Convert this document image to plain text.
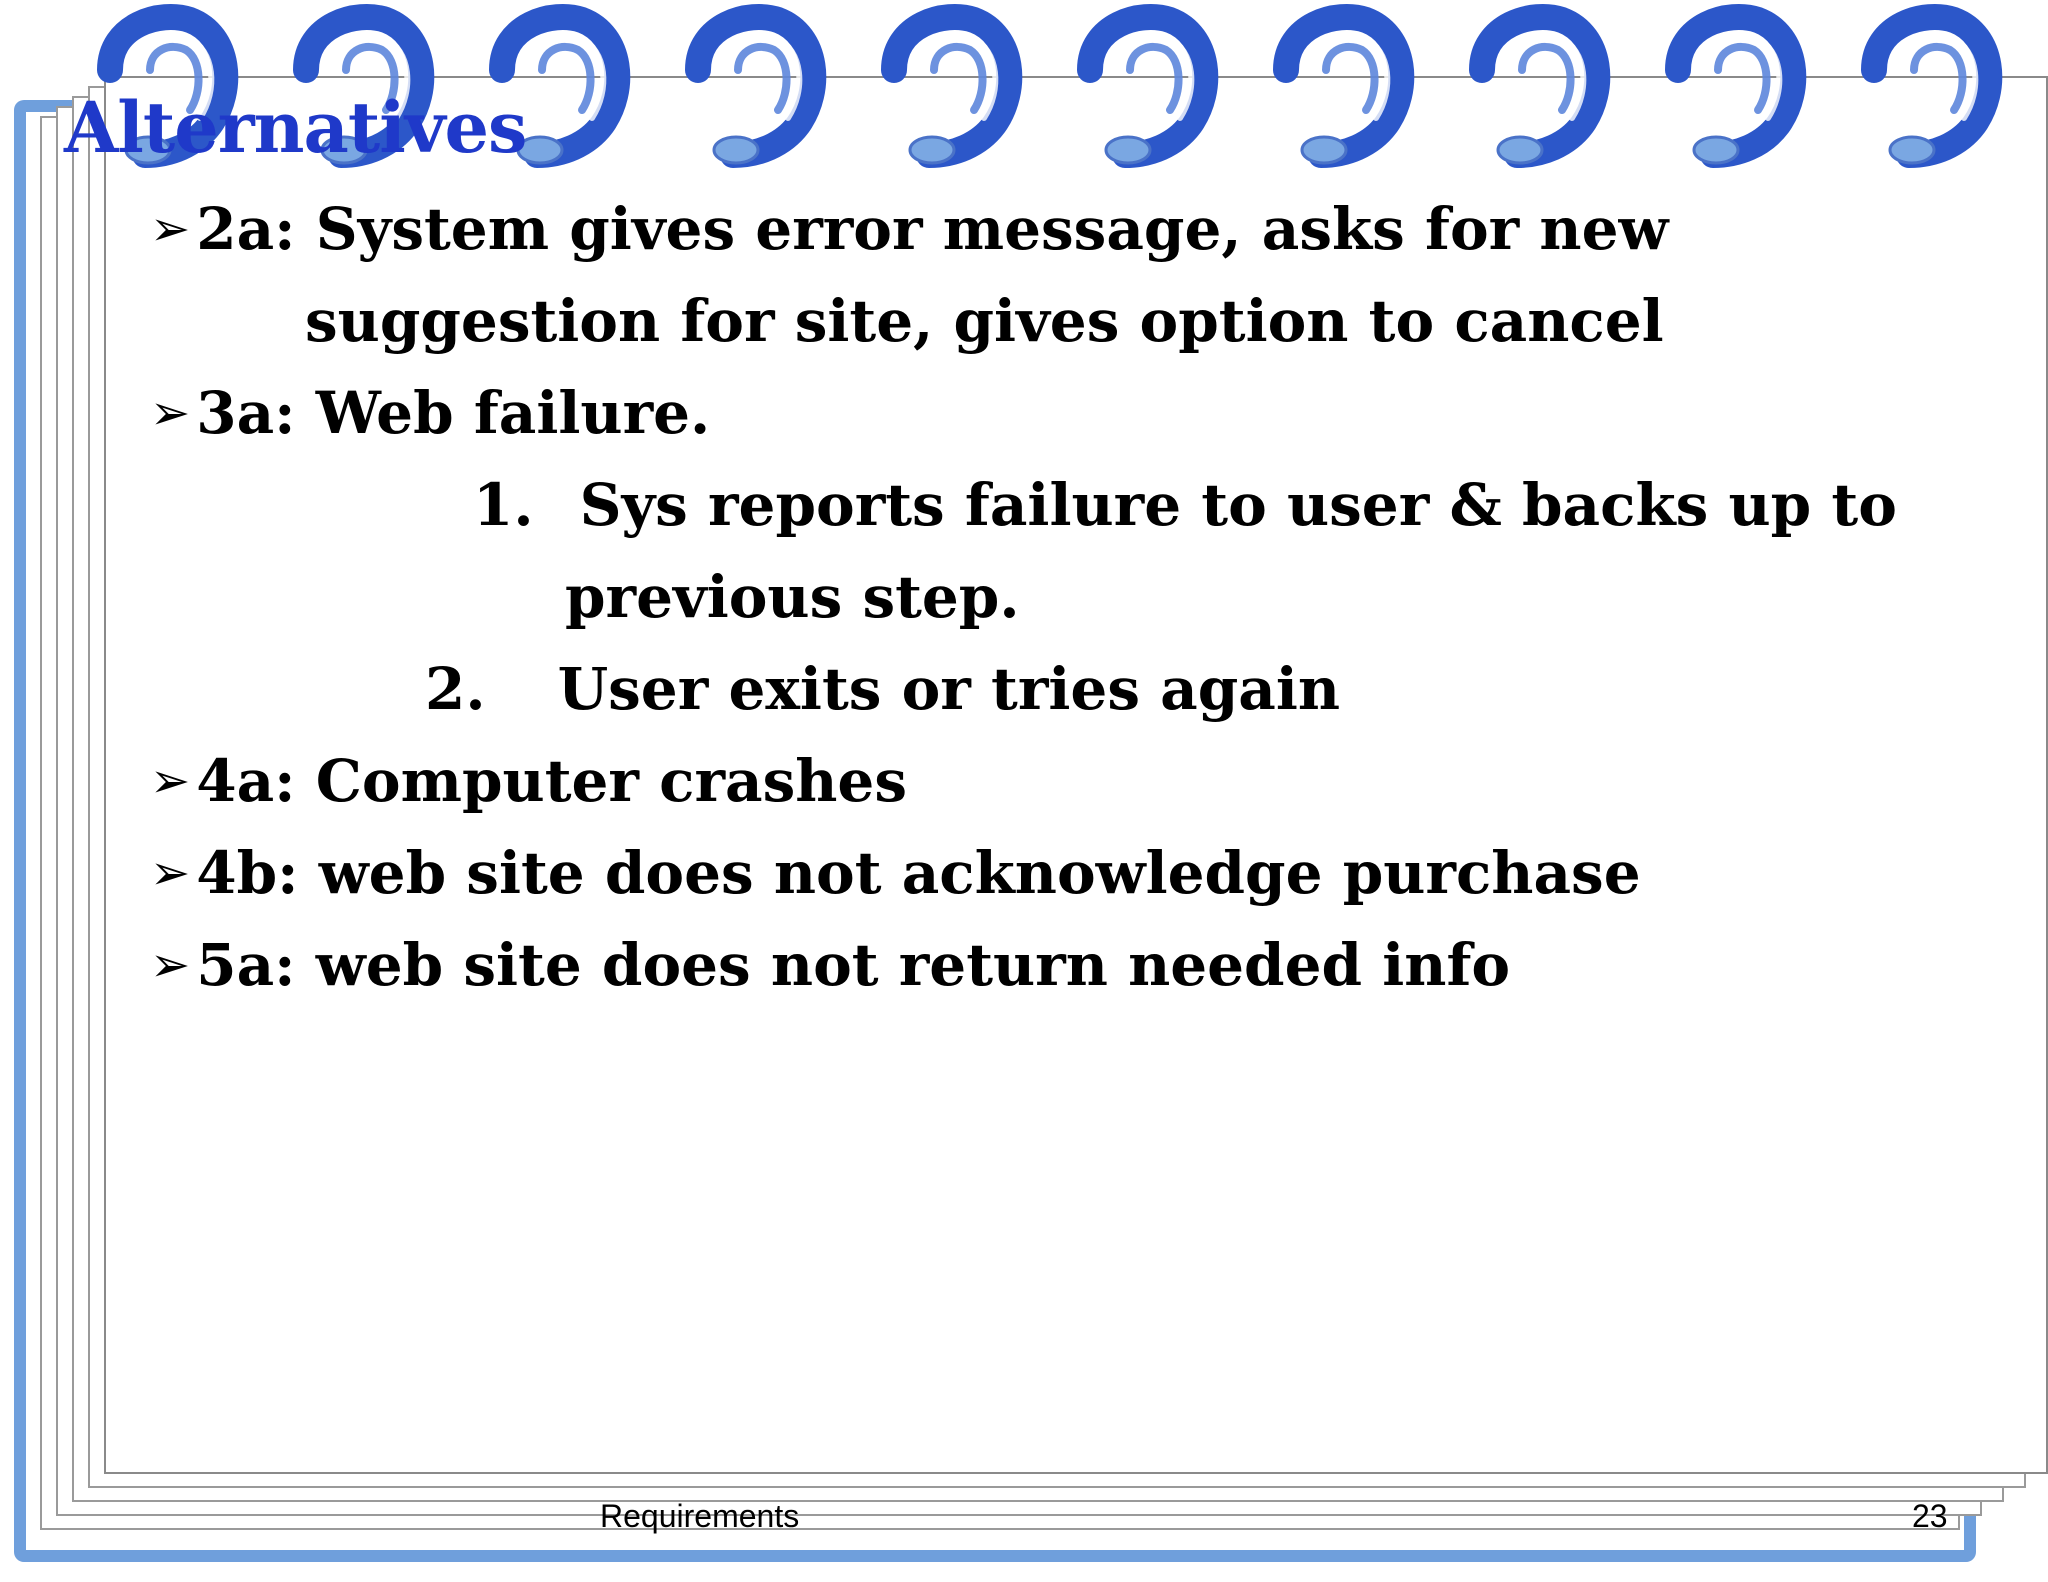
Alternatives
➢ 2a: System gives error message, asks for new
suggestion for site, gives option to cancel
➢ 3a: Web failure.
1. Sys reports failure to user & backs up to
previous step.
2. User exits or tries again
➢ 4a: Computer crashes
➢ 4b: web site does not acknowledge purchase
➢ 5a: web site does not return needed info
Requirements	23
